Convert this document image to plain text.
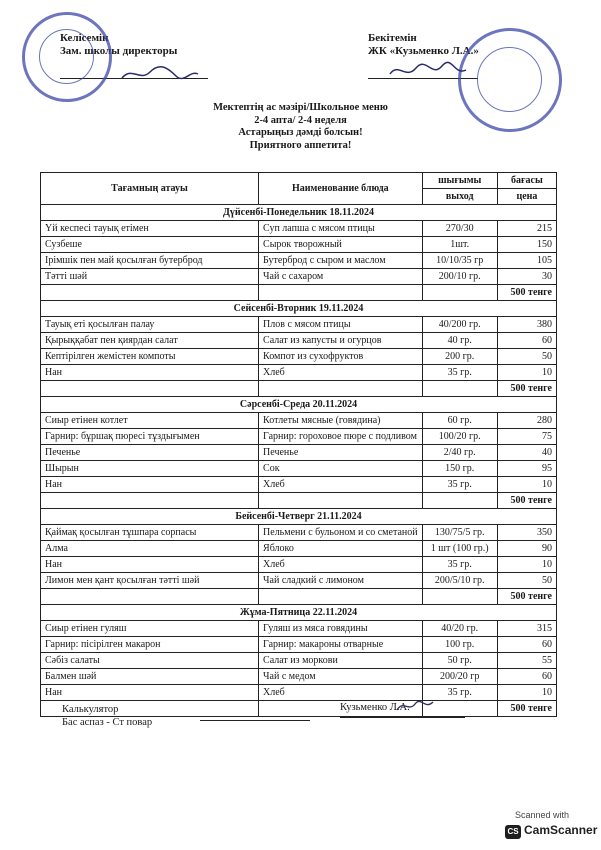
Келісемін
Зам. школы директоры
Бекітемін
ЖК «Кузьменко Л.А.»
Мектептің ас мәзірі/Школьное меню
2-4 апта/ 2-4 неделя
Астарыңыз дәмді болсын!
Приятного аппетита!
Тағамның атауы	Наименование блюда	шығымы	бағасы
		выход	цена
Дүйсенбі-Понедельник 18.11.2024			
Үй кеспесі тауық етімен	Суп лапша с мясом птицы	270/30	215
Сузбеше	Сырок творожный	1шт.	150
Ірімшік пен май қосылған бутерброд	Бутерброд с сыром и маслом	10/10/35 гр	105
Тәтті шәй	Чай с сахаром	200/10 гр.	30
			500 тенге
Сейсенбі-Вторник 19.11.2024			
Тауық еті қосылған палау	Плов с мясом птицы	40/200 гр.	380
Қырыққабат пен қиярдан салат	Салат из капусты и огурцов	40 гр.	60
Кептірілген жемістен компоты	Компот из сухофруктов	200 гр.	50
Нан	Хлеб	35 гр.	10
			500 тенге
Сәрсенбі-Среда 20.11.2024			
Сиыр етінен котлет	Котлеты мясные (говядина)	60 гр.	280
Гарнир: бұршақ пюресі тұздығымен	Гарнир: гороховое пюре с подливом	100/20 гр.	75
Печенье	Печенье	2/40 гр.	40
Шырын	Сок	150 гр.	95
Нан	Хлеб	35 гр.	10
			500 тенге
Бейсенбі-Четверг 21.11.2024			
Қаймақ қосылған тұшпара сорпасы	Пельмени с бульоном и со сметаной	130/75/5 гр.	350
Алма	Яблоко	1 шт (100 гр.)	90
Нан	Хлеб	35 гр.	10
Лимон мен қант қосылған тәтті шәй	Чай сладкий с лимоном	200/5/10 гр.	50
			500 тенге
Жұма-Пятница 22.11.2024			
Сиыр етінен гуляш	Гуляш из мяса говядины	40/20 гр.	315
Гарнир: пісірілген макарон	Гарнир: макароны отварные	100 гр.	60
Сәбіз салаты	Салат из моркови	50 гр.	55
Балмен шәй	Чай с медом	200/20 гр	60
Нан	Хлеб	35 гр.	10
			500 тенге
Калькулятор
Бас аспаз - Ст повар
Кузьменко Л.А.
Scanned with
CS CamScanner
